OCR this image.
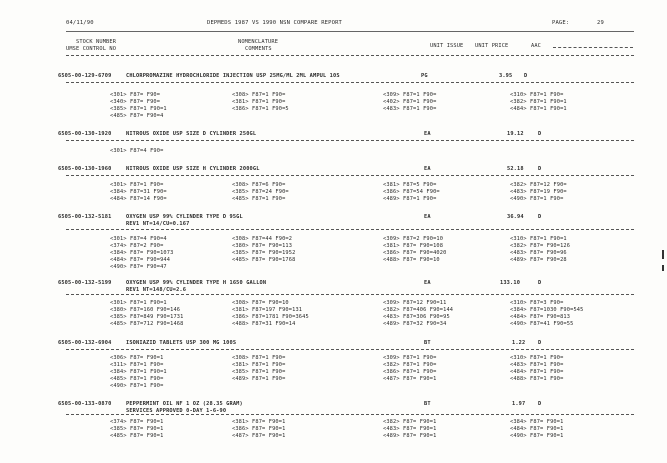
04/11/90	DEPMEDS 1987 VS 1990 NSN COMPARE REPORT	PAGE:	29
STOCK NUMBER
UMSE CONTROL NO
NOMENCLATURE
COMMENTS	UNIT ISSUE UNIT PRICE	AAC
6505-00-129-6709	CHLORPROMAZINE HYDROCHLORIDE INJECTION USP 25MG/ML 2ML AMPUL 10S	PG	3.95 D
<301> F87= F90=	<308> F87=1 F90=	<309> F87=1 F90=	<310> F87=1 F90=
<340> F87= F90=	<381> F87=1 F90=	<402> F87=1 F90=	<382> F87=1 F90=1
<385> F87=1 F90=1	<386> F87=1 F90=5	<483> F87=1 F90=	<484> F87=1 F90=1
<485> F87= F90=4
6505-00-130-1920	NITROUS OXIDE USP SIZE D CYLINDER 250GL	EA	19.12	D
<301> F87=4 F90=
6505-00-130-1960	NITROUS OXIDE USP SIZE H CYLINDER 2000GL	EA	52.18	D
<301> F87=1 F90=	<308> F87=6 F90=	<381> F87=5 F90=	<382> F87=12 F90=
<384> F87=31 F90=	<385> F87=24 F90=	<386> F87=54 F90=	<483> F87=19 F90=
<484> F87=14 F90=	<485> F87=1 F90=	<489> F87=1 F90=	<490> F87=1 F90=
6505-00-132-5181	OXYGEN USP 99% CYLINDER TYPE D 95GL	EA	36.94	D
REV1 NT=14/CU=0.167
<301> F87=4 F90=4	<308> F87=44 F90=2	<309> F87=2 F90=10	<310> F87=1 F90=1
<374> F87=2 F90=	<380> F87= F90=113	<381> F87= F90=108	<382> F87= F90=126
<384> F87= F90=1073	<385> F87= F90=1952	<386> F87= F90=4020	<483> F87= F90=96
<484> F87= F90=944	<485> F87= F90=1768	<488> F87= F90=10	<489> F87= F90=28
<490> F87= F90=47
6505-00-132-5199	OXYGEN USP 99% CYLINDER TYPE H 1650 GALLON	EA	133.10	D
REV1 NT=148/CU=2.6
<301> F87=1 F90=1	<308> F87= F90=10	<309> F87=12 F90=11	<310> F87=3 F90=
<380> F87=160 F90=146	<381> F87=197 F90=131	<382> F87=406 F90=144	<384> F87=1030 F90=545
<385> F87=849 F90=1731	<386> F87=1781 F90=3645	<483> F87=306 F90=95	<484> F87= F90=813
<485> F87=712 F90=1468	<488> F87=31 F90=14	<489> F87=32 F90=34	<490> F87=41 F90=55
6505-00-132-6904	ISONIAZID TABLETS USP 300 MG 100S	BT	1.22 D
<306> F87= F90=1	<308> F87=1 F90=	<309> F87=1 F90=	<310> F87=1 F90=
<311> F87=1 F90=	<381> F87=1 F90=	<382> F87=1 F90=	<483> F87=1 F90=
<384> F87=1 F90=1	<385> F87=1 F90=	<386> F87=1 F90=	<484> F87=1 F90=
<485> F87=1 F90=	<489> F87=1 F90=	<487> F87= F90=1	<488> F87=1 F90=
<490> F87=1 F90=
6505-00-133-0870	PEPPERMINT OIL NF 1 OZ (28.35 GRAM)	BT	1.97 D
SERVICES APPROVED 0-DAY 1-6-90
<374> F87= F90=1	<381> F87= F90=1	<382> F87= F90=1	<384> F87= F90=1
<385> F87= F90=1	<386> F87= F90=1	<483> F87= F90=1	<484> F87= F90=1
<485> F87= F90=1	<487> F87= F90=1	<489> F87= F90=1	<490> F87= F90=1
